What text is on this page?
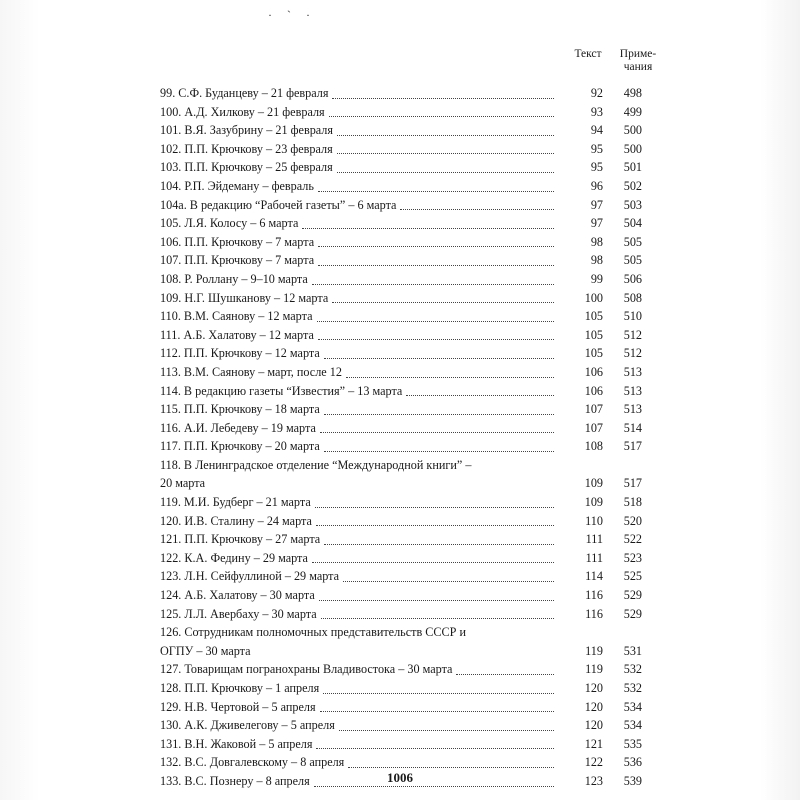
· ˋ ·
Текст	Приме-
чания
99. С.Ф. Буданцеву – 21 февраля	92	498
100. А.Д. Хилкову – 21 февраля	93	499
101. В.Я. Зазубрину – 21 февраля	94	500
102. П.П. Крючкову – 23 февраля	95	500
103. П.П. Крючкову – 25 февраля	95	501
104. Р.П. Эйдеману – февраль	96	502
104а. В редакцию “Рабочей газеты” – 6 марта	97	503
105. Л.Я. Колосу – 6 марта	97	504
106. П.П. Крючкову – 7 марта	98	505
107. П.П. Крючкову – 7 марта	98	505
108. Р. Роллану – 9–10 марта	99	506
109. Н.Г. Шушканову – 12 марта	100	508
110. В.М. Саянову – 12 марта	105	510
111. А.Б. Халатову – 12 марта	105	512
112. П.П. Крючкову – 12 марта	105	512
113. В.М. Саянову – март, после 12	106	513
114. В редакцию газеты “Известия” – 13 марта	106	513
115. П.П. Крючкову – 18 марта	107	513
116. А.И. Лебедеву – 19 марта	107	514
117. П.П. Крючкову – 20 марта	108	517
118. В Ленинградское отделение “Международной книги” –
20 марта	109	517
119. М.И. Будберг – 21 марта	109	518
120. И.В. Сталину – 24 марта	110	520
121. П.П. Крючкову – 27 марта	111	522
122. К.А. Федину – 29 марта	111	523
123. Л.Н. Сейфуллиной – 29 марта	114	525
124. А.Б. Халатову – 30 марта	116	529
125. Л.Л. Авербаху – 30 марта	116	529
126. Сотрудникам полномочных представительств СССР и
ОГПУ – 30 марта	119	531
127. Товарищам погранохраны Владивостока – 30 марта	119	532
128. П.П. Крючкову – 1 апреля	120	532
129. Н.В. Чертовой – 5 апреля	120	534
130. А.К. Дживелегову – 5 апреля	120	534
131. В.Н. Жаковой – 5 апреля	121	535
132. В.С. Довгалевскому – 8 апреля	122	536
133. В.С. Познеру – 8 апреля	123	539
1006
